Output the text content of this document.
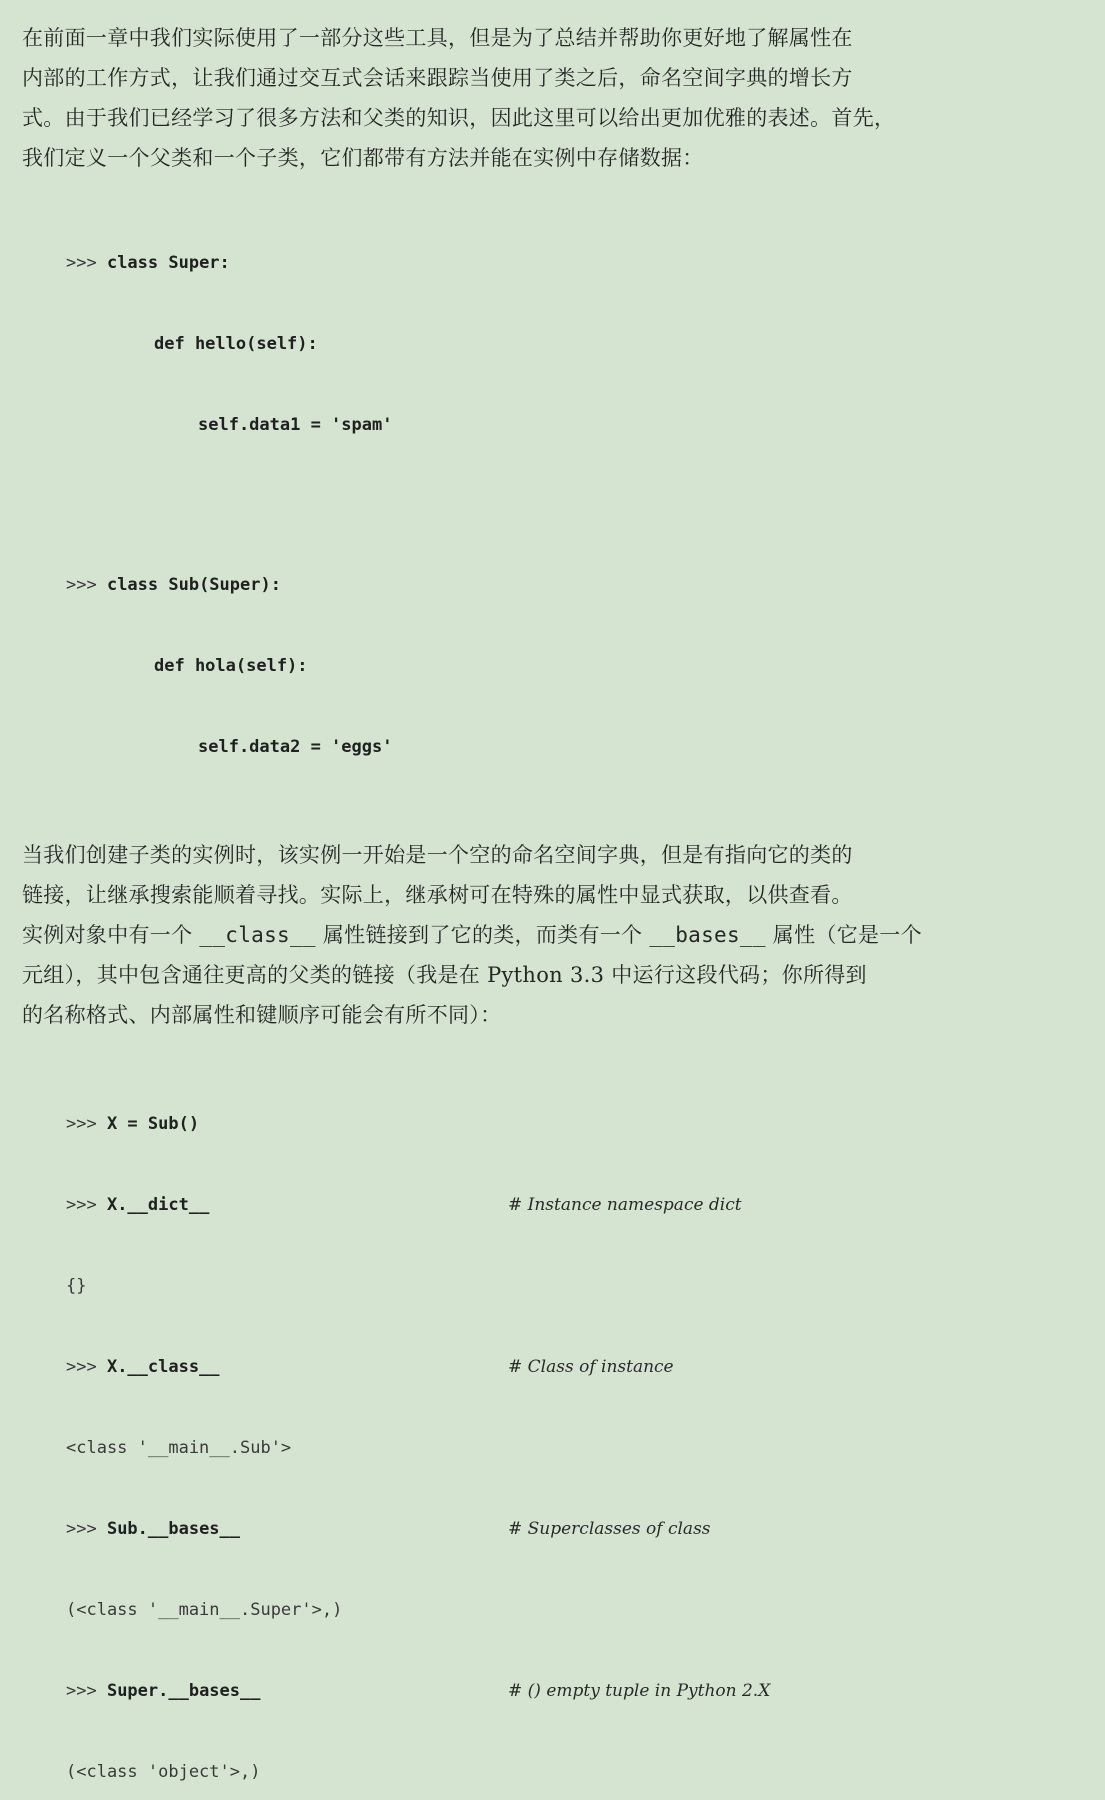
在前面一章中我们实际使用了一部分这些工具，但是为了总结并帮助你更好地了解属性在
内部的工作方式，让我们通过交互式会话来跟踪当使用了类之后，命名空间字典的增长方
式。由于我们已经学习了很多方法和父类的知识，因此这里可以给出更加优雅的表述。首先，
我们定义一个父类和一个子类，它们都带有方法并能在实例中存储数据：

>>> class Super:

def hello(self):

self.data1 = 'spam'

>>> class Sub(Super):

def hola(self):

self.data2 = 'eggs'

当我们创建子类的实例时，该实例一开始是一个空的命名空间字典，但是有指向它的类的
链接，让继承搜索能顺着寻找。实际上，继承树可在特殊的属性中显式获取，以供查看。
实例对象中有一个 __class__ 属性链接到了它的类，而类有一个 __bases__ 属性（它是一个
元组），其中包含通往更高的父类的链接（我是在 Python 3.3 中运行这段代码；你所得到
的名称格式、内部属性和键顺序可能会有所不同）：

>>> X = Sub()

>>> X.__dict__	# Instance namespace dict

{}

>>> X.__class__	# Class of instance

<class '__main__.Sub'>

>>> Sub.__bases__	# Superclasses of class

(<class '__main__.Super'>,)

>>> Super.__bases__	# () empty tuple in Python 2.X

(<class 'object'>,)
